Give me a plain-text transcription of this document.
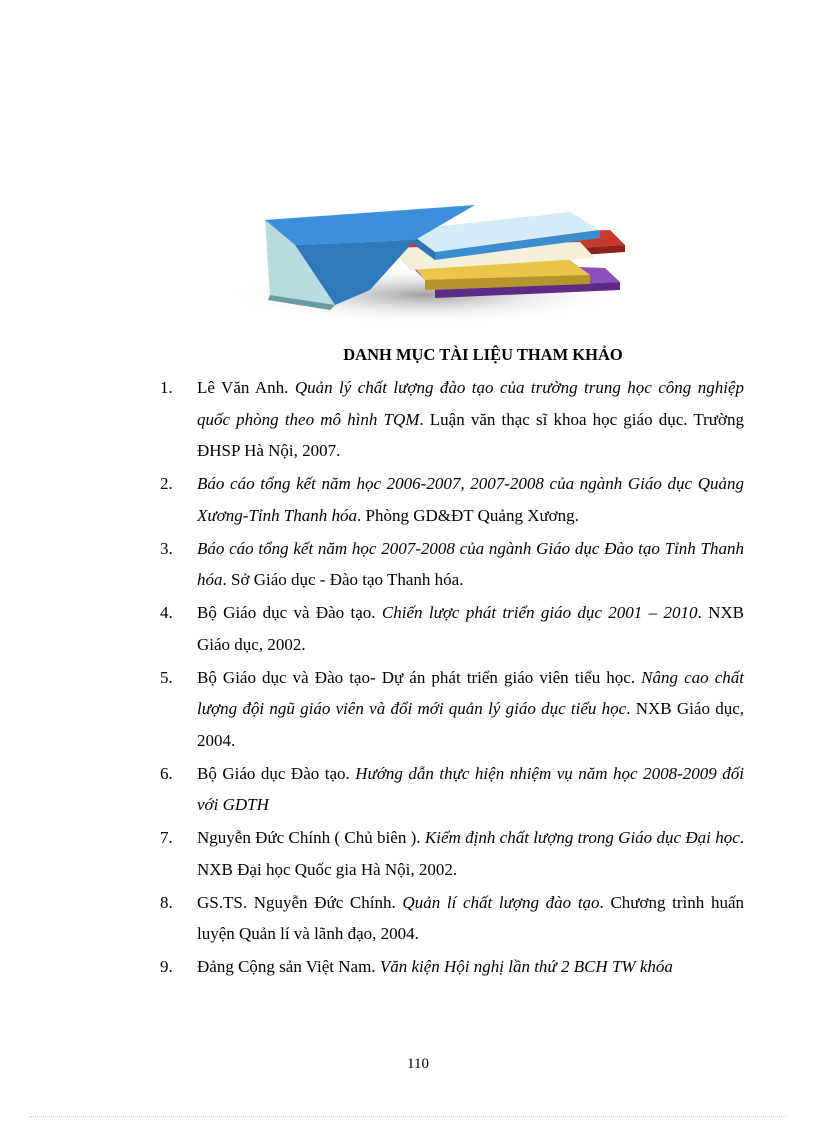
DANH MỤC TÀI LIỆU THAM KHẢO
1.	Lê Văn Anh. Quản lý chất lượng đào tạo của trường trung học công nghiệp quốc phòng theo mô hình TQM. Luận văn thạc sĩ khoa học giáo dục. Trường ĐHSP Hà Nội, 2007.
2.	Báo cáo tổng kết năm học 2006-2007, 2007-2008 của ngành Giáo dục Quảng Xương-Tỉnh Thanh hóa. Phòng GD&ĐT Quảng Xương.
3.	Báo cáo tổng kết năm học 2007-2008 của ngành Giáo dục Đào tạo Tỉnh Thanh hóa. Sở Giáo dục - Đào tạo Thanh hóa.
4.	Bộ Giáo dục và Đào tạo. Chiến lược phát triển giáo dục 2001 – 2010. NXB Giáo dục, 2002.
5.	Bộ Giáo dục và Đào tạo- Dự án phát triển giáo viên tiểu học. Nâng cao chất lượng đội ngũ giáo viên và đổi mới quản lý giáo dục tiểu học. NXB Giáo dục, 2004.
6.	Bộ Giáo dục Đào tạo. Hướng dẫn thực hiện nhiệm vụ năm học 2008-2009 đối với GDTH
7.	Nguyễn Đức Chính ( Chủ biên ). Kiểm định chất lượng trong Giáo dục Đại học. NXB Đại học Quốc gia Hà Nội, 2002.
8.	GS.TS. Nguyễn Đức Chính. Quản lí chất lượng đào tạo. Chương trình huấn luyện Quản lí và lãnh đạo, 2004.
9.	Đảng Cộng sản Việt Nam. Văn kiện Hội nghị lần thứ 2 BCH TW khóa
110
